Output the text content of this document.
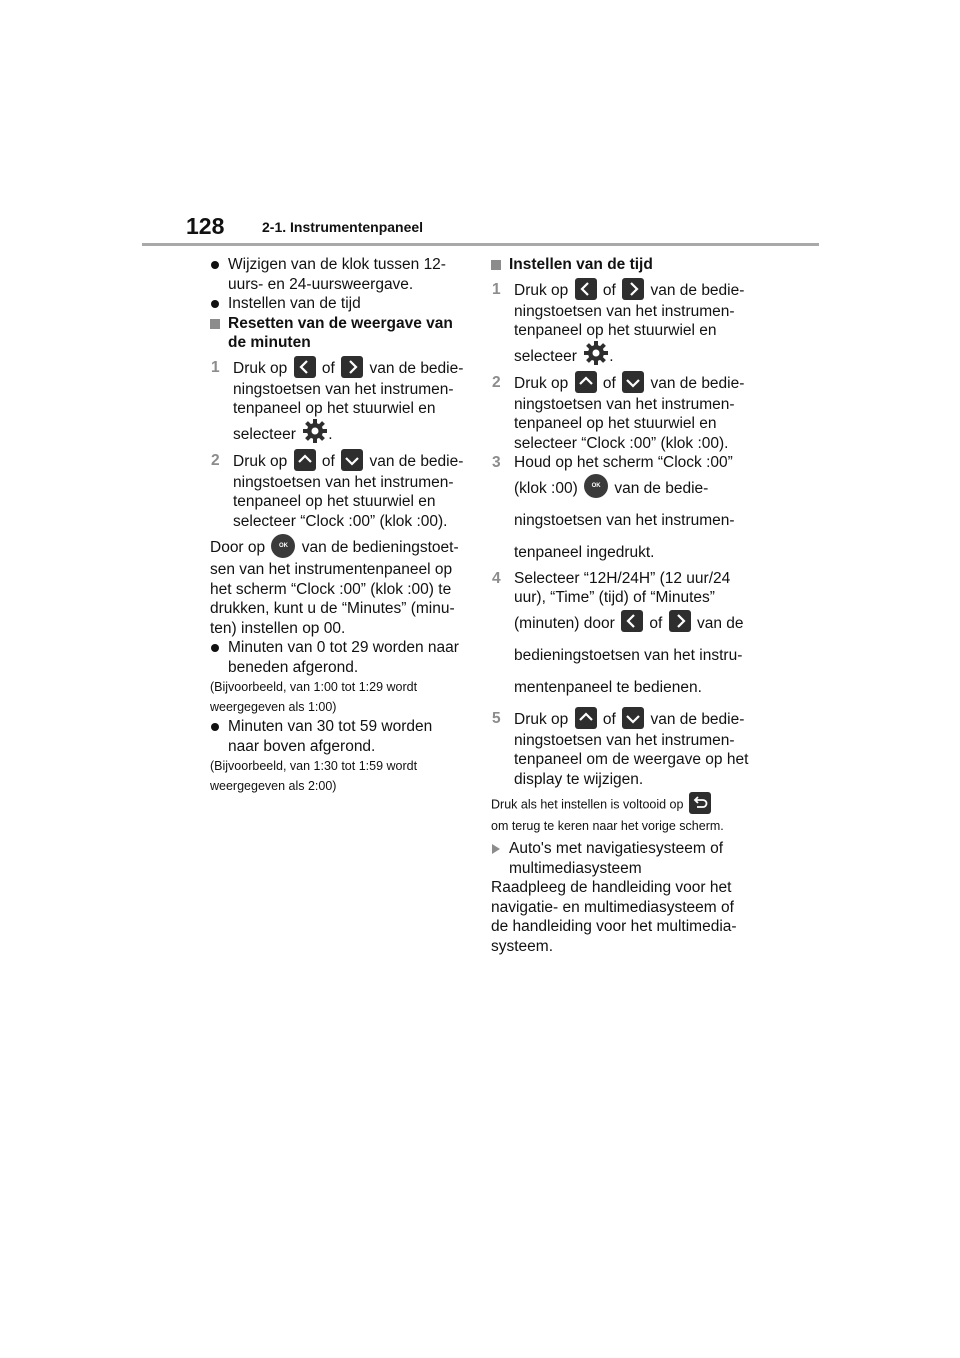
128	2-1. Instrumentenpaneel

Wijzigen van de klok tussen 12-uurs- en 24-uursweergave.

Instellen van de tijd

Resetten van de weergave van de minuten

1 Druk op of van de bedieningstoetsen van het instrumentenpaneel op het stuurwiel en
selecteer .

2 Druk op of van de bedieningstoetsen van het instrumentenpaneel op het stuurwiel en selecteer “Clock :00” (klok :00).

Door op OK van de bedieningstoetsen van het instrumentenpaneel op het scherm “Clock :00” (klok :00) te drukken, kunt u de “Minutes” (minuten) instellen op 00.

Minuten van 0 tot 29 worden naar beneden afgerond.

(Bijvoorbeeld, van 1:00 tot 1:29 wordt weergegeven als 1:00)

Minuten van 30 tot 59 worden naar boven afgerond.

(Bijvoorbeeld, van 1:30 tot 1:59 wordt weergegeven als 2:00)

Instellen van de tijd

1 Druk op of van de bedieningstoetsen van het instrumentenpaneel op het stuurwiel en
selecteer .

2 Druk op of van de bedieningstoetsen van het instrumentenpaneel op het stuurwiel en selecteer “Clock :00” (klok :00).

3 Houd op het scherm “Clock :00”
(klok :00) OK van de bedieningstoetsen van het instrumentenpaneel ingedrukt.

4 Selecteer “12H/24H” (12 uur/24 uur), “Time” (tijd) of “Minutes”
(minuten) door of van de bedieningstoetsen van het instrumentenpaneel te bedienen.

5 Druk op of van de bedieningstoetsen van het instrumentenpaneel om de weergave op het display te wijzigen.

Druk als het instellen is voltooid op

om terug te keren naar het vorige scherm.

Auto's met navigatiesysteem of multimediasysteem

Raadpleeg de handleiding voor het navigatie- en multimediasysteem of de handleiding voor het multimediasysteem.
